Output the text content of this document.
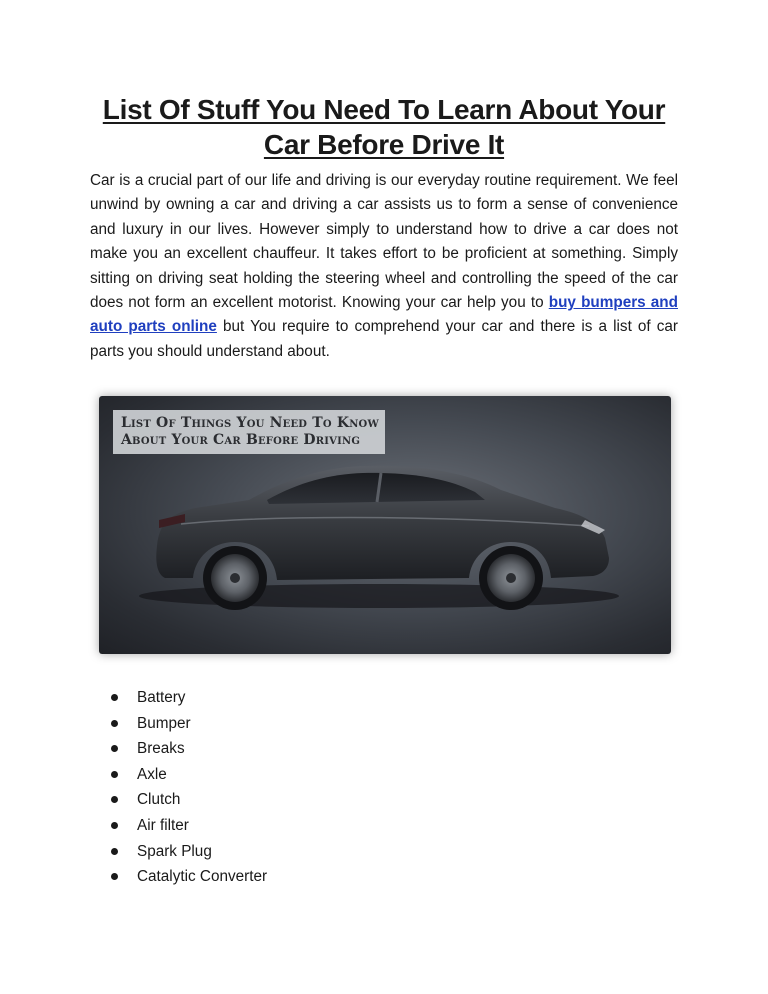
List Of Stuff You Need To Learn About Your Car Before Drive It

Car is a crucial part of our life and driving is our everyday routine requirement. We feel unwind by owning a car and driving a car assists us to form a sense of convenience and luxury in our lives. However simply to understand how to drive a car does not make you an excellent chauffeur. It takes effort to be proficient at something. Simply sitting on driving seat holding the steering wheel and controlling the speed of the car does not form an excellent motorist. Knowing your car help you to buy bumpers and auto parts online but You require to comprehend your car and there is a list of car parts you should understand about.

List Of Things You Need To Know
About Your Car Before Driving
Battery
Bumper
Breaks
Axle
Clutch
Air filter
Spark Plug
Catalytic Converter
